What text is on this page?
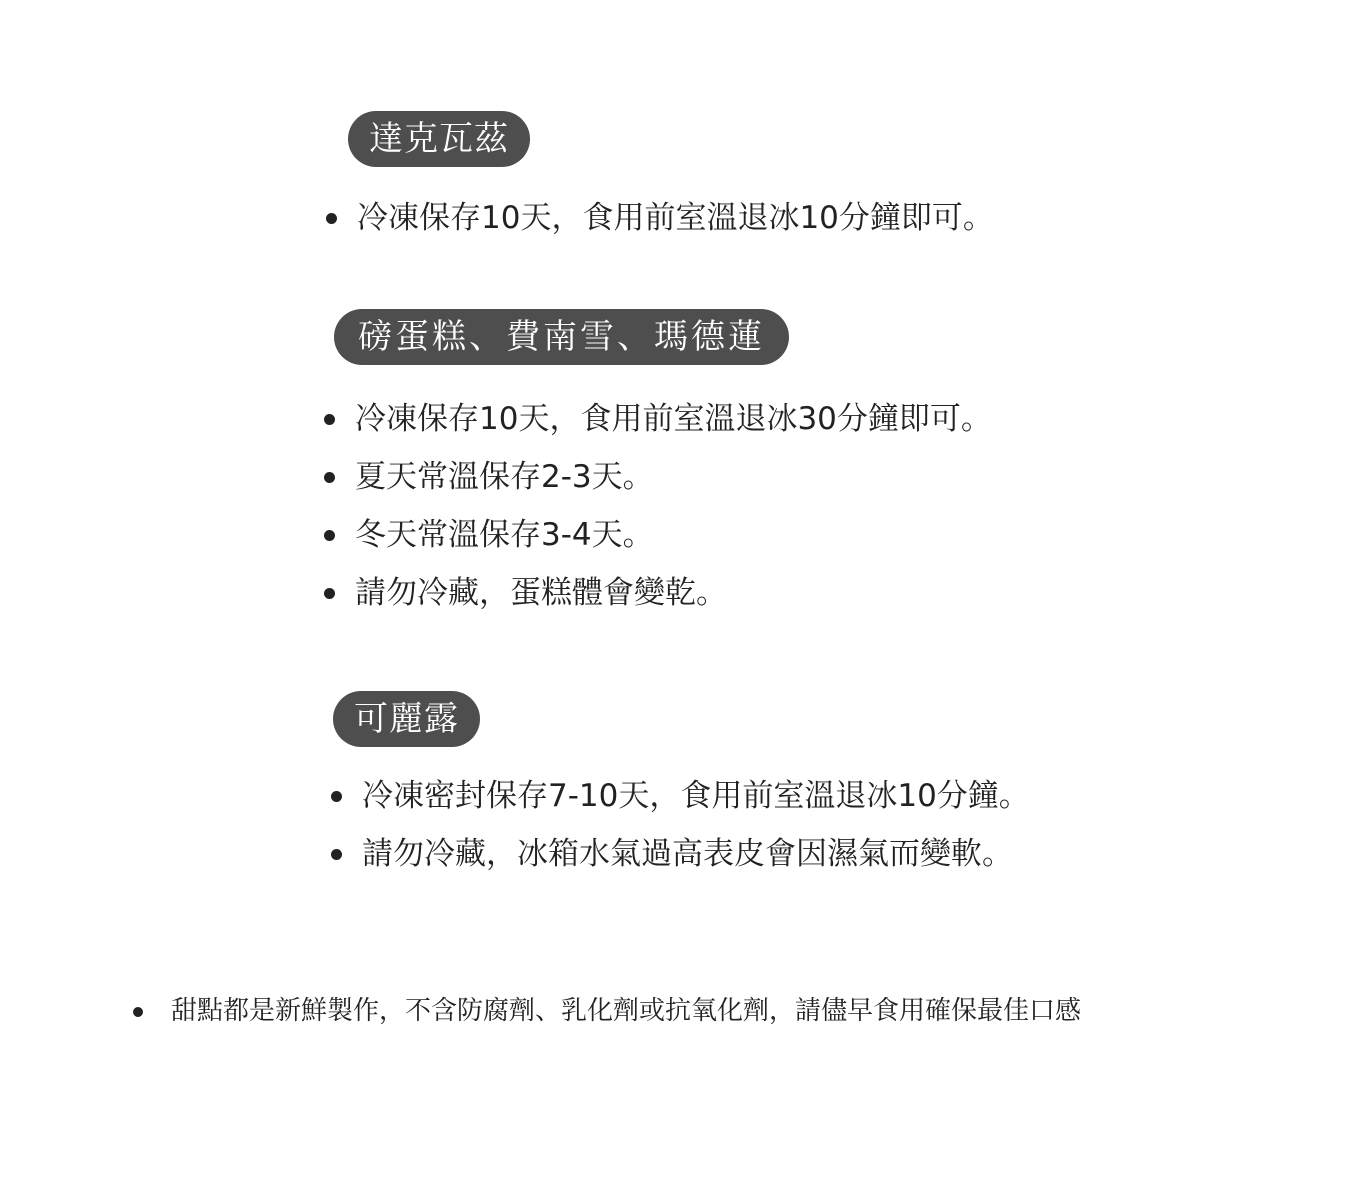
達克瓦茲
冷凍保存10天，食用前室溫退冰10分鐘即可。
磅蛋糕、費南雪、瑪德蓮
冷凍保存10天，食用前室溫退冰30分鐘即可。
夏天常溫保存2-3天。
冬天常溫保存3-4天。
請勿冷藏，蛋糕體會變乾。
可麗露
冷凍密封保存7-10天，食用前室溫退冰10分鐘。
請勿冷藏，冰箱水氣過高表皮會因濕氣而變軟。
甜點都是新鮮製作，不含防腐劑、乳化劑或抗氧化劑，請儘早食用確保最佳口感
